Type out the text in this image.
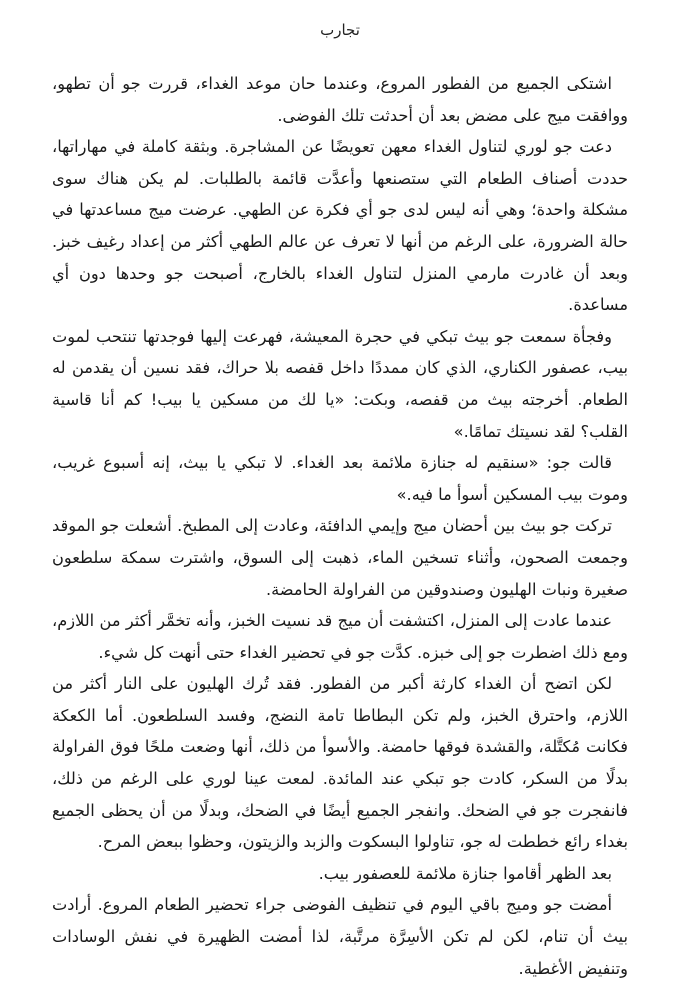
تجارب

اشتكى الجميع من الفطور المروع، وعندما حان موعد الغداء، قررت جو أن تطهو، ووافقت ميج على مضض بعد أن أحدثت تلك الفوضى.

دعت جو لوري لتناول الغداء معهن تعويضًا عن المشاجرة. وبثقة كاملة في مهاراتها، حددت أصناف الطعام التي ستصنعها وأعدَّت قائمة بالطلبات. لم يكن هناك سوى مشكلة واحدة؛ وهي أنه ليس لدى جو أي فكرة عن الطهي. عرضت ميج مساعدتها في حالة الضرورة، على الرغم من أنها لا تعرف عن عالم الطهي أكثر من إعداد رغيف خبز. وبعد أن غادرت مارمي المنزل لتناول الغداء بالخارج، أصبحت جو وحدها دون أي مساعدة.

وفجأة سمعت جو بيث تبكي في حجرة المعيشة، فهرعت إليها فوجدتها تنتحب لموت بيب، عصفور الكناري، الذي كان ممددًا داخل قفصه بلا حراك، فقد نسين أن يقدمن له الطعام. أخرجته بيث من قفصه، وبكت: «يا لك من مسكين يا بيب! كم أنا قاسية القلب؟ لقد نسيتك تمامًا.»

قالت جو: «سنقيم له جنازة ملائمة بعد الغداء. لا تبكي يا بيث، إنه أسبوع غريب، وموت بيب المسكين أسوأ ما فيه.»

تركت جو بيث بين أحضان ميج وإيمي الدافئة، وعادت إلى المطبخ. أشعلت جو الموقد وجمعت الصحون، وأثناء تسخين الماء، ذهبت إلى السوق، واشترت سمكة سلطعون صغيرة ونبات الهليون وصندوقين من الفراولة الحامضة.

عندما عادت إلى المنزل، اكتشفت أن ميج قد نسيت الخبز، وأنه تخمَّر أكثر من اللازم، ومع ذلك اضطرت جو إلى خبزه. كدَّت جو في تحضير الغداء حتى أنهت كل شيء.

لكن اتضح أن الغداء كارثة أكبر من الفطور. فقد تُرك الهليون على النار أكثر من اللازم، واحترق الخبز، ولم تكن البطاطا تامة النضج، وفسد السلطعون. أما الكعكة فكانت مُكتَّلة، والقشدة فوقها حامضة. والأسوأ من ذلك، أنها وضعت ملحًا فوق الفراولة بدلًا من السكر، كادت جو تبكي عند المائدة. لمعت عينا لوري على الرغم من ذلك، فانفجرت جو في الضحك. وانفجر الجميع أيضًا في الضحك، وبدلًا من أن يحظى الجميع بغداء رائع خططت له جو، تناولوا البسكوت والزبد والزيتون، وحظوا ببعض المرح.

بعد الظهر أقاموا جنازة ملائمة للعصفور بيب.

أمضت جو وميج باقي اليوم في تنظيف الفوضى جراء تحضير الطعام المروع. أرادت بيث أن تنام، لكن لم تكن الأسِرَّة مرتَّبة، لذا أمضت الظهيرة في نفش الوسادات وتنفيض الأغطية.
